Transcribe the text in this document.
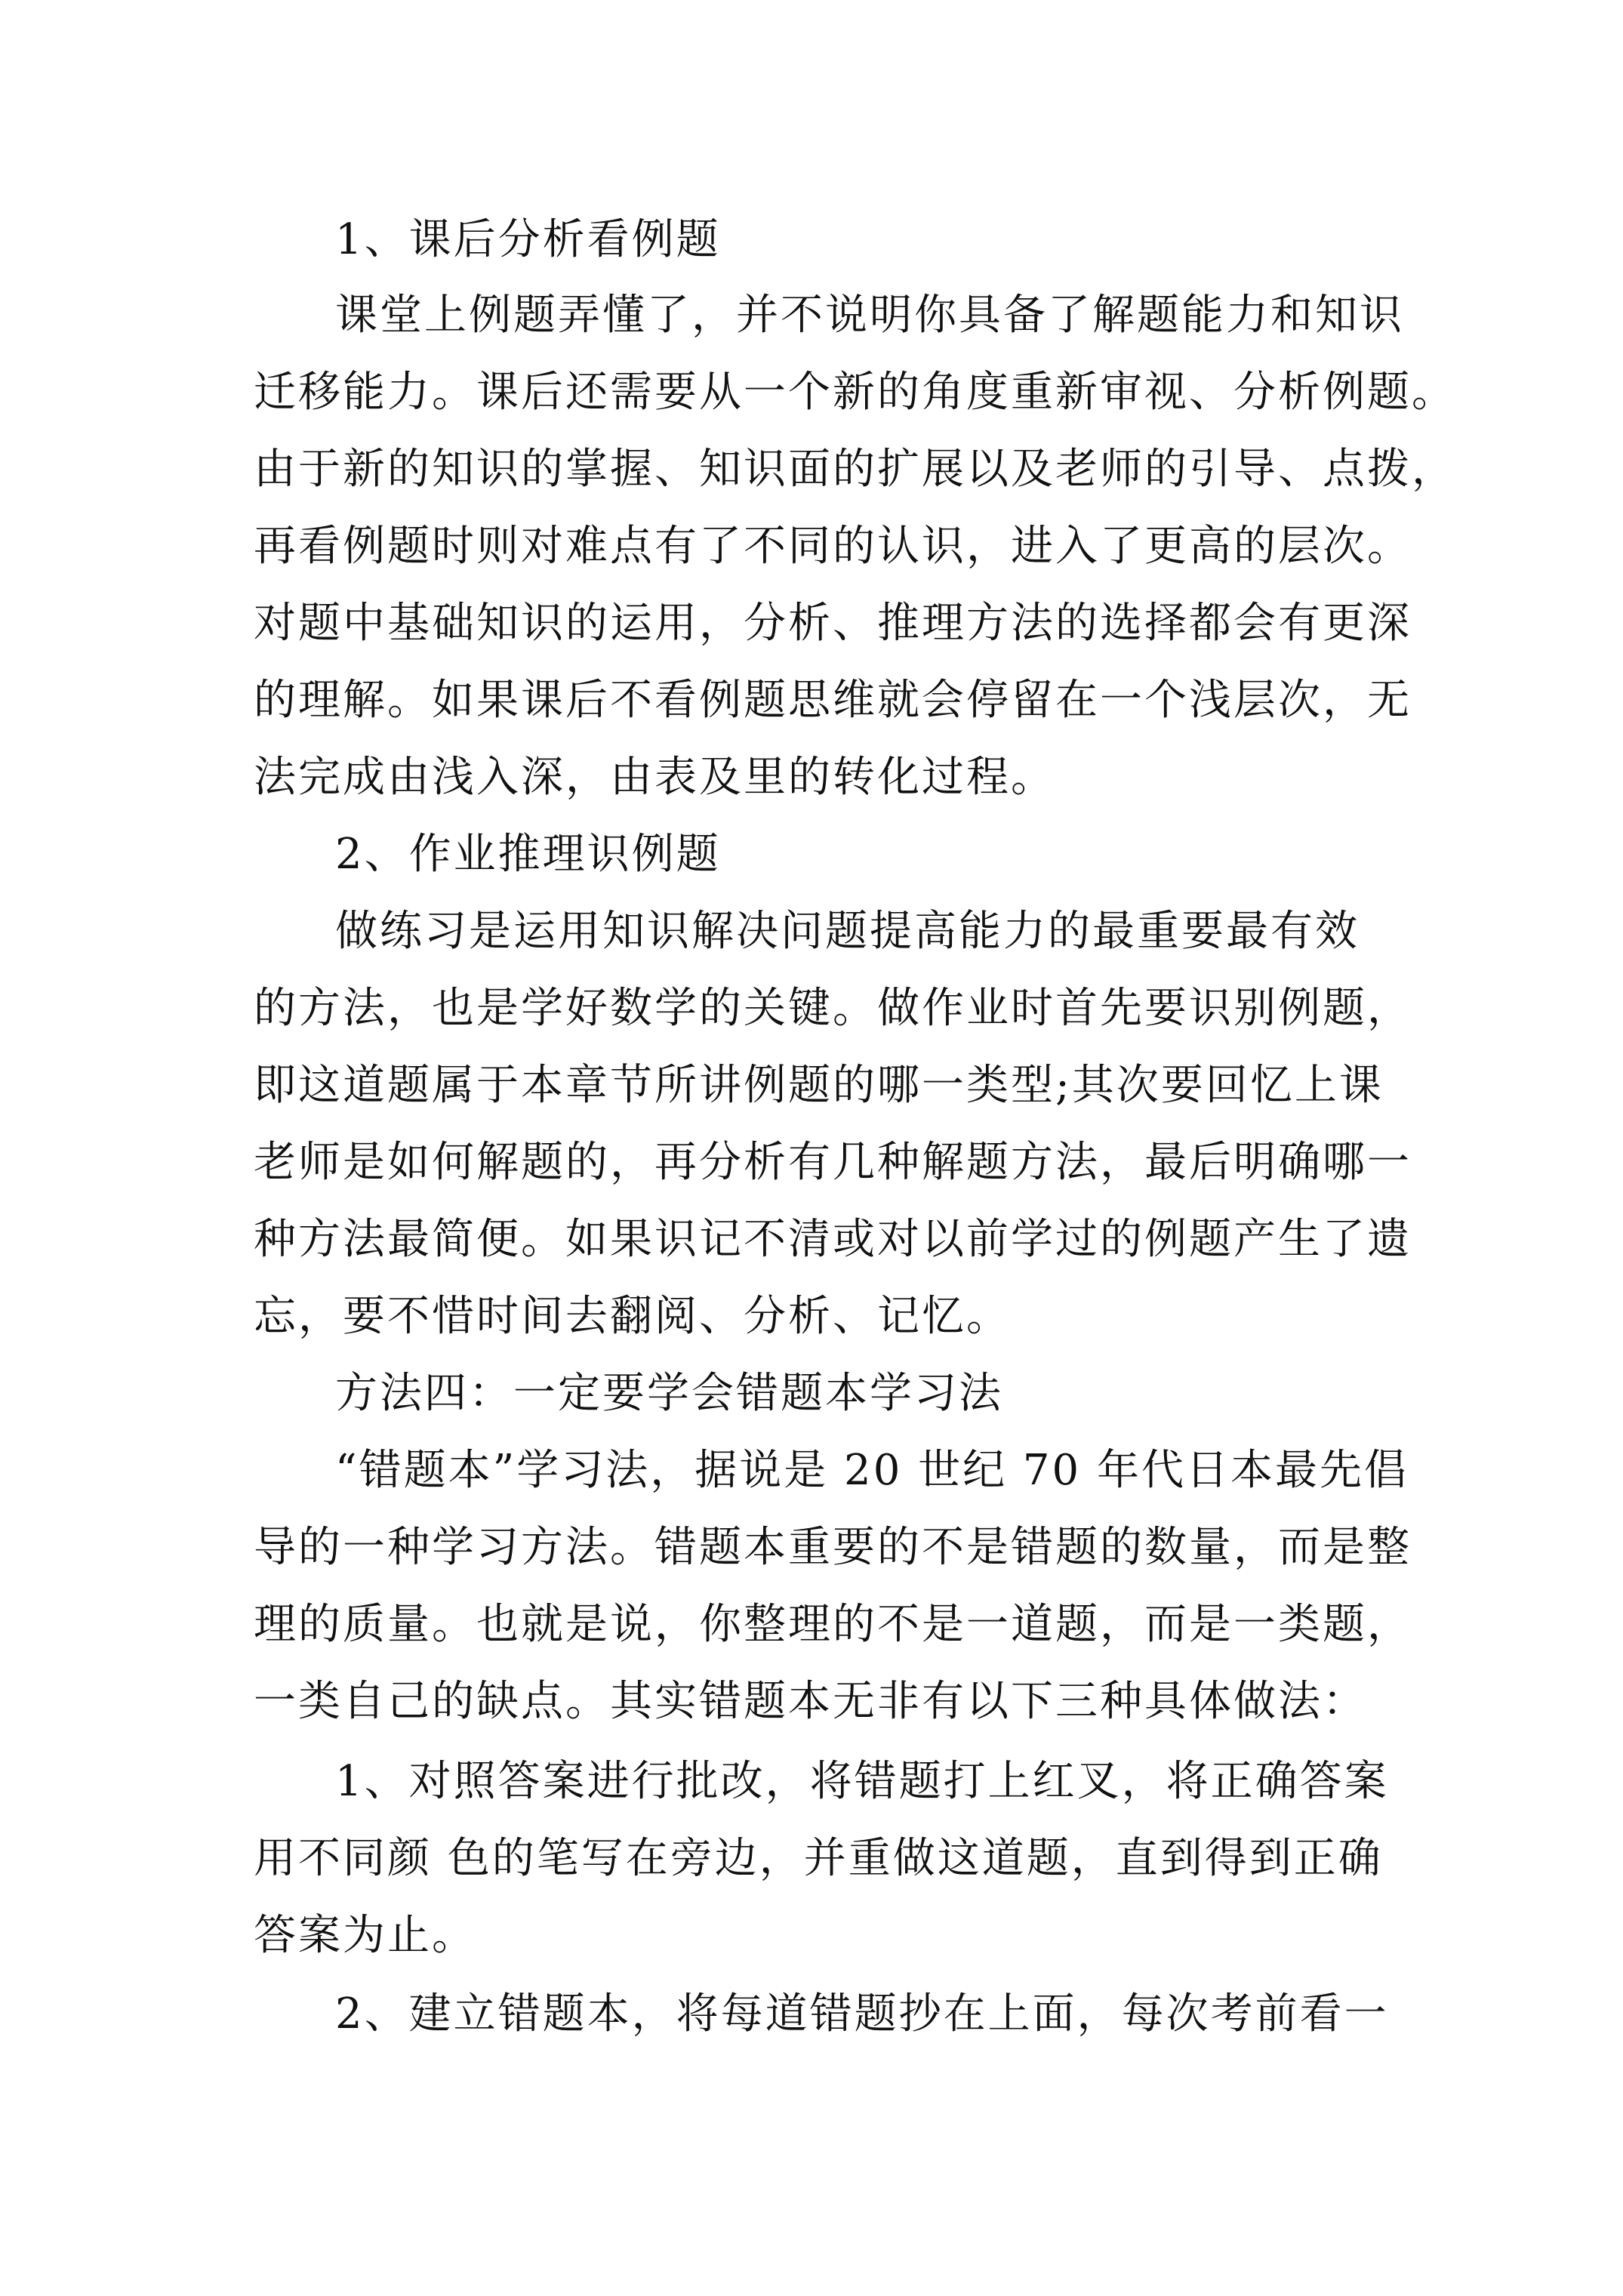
1、课后分析看例题
课堂上例题弄懂了，并不说明你具备了解题能力和知识
迁移能力。课后还需要从一个新的角度重新审视、分析例题。
由于新的知识的掌握、知识面的扩展以及老师的引导、点拨，
再看例题时则对难点有了不同的认识，进入了更高的层次。
对题中基础知识的运用，分析、推理方法的选择都会有更深
的理解。如果课后不看例题思维就会停留在一个浅层次，无
法完成由浅入深，由表及里的转化过程。
2、作业推理识例题
做练习是运用知识解决问题提高能力的最重要最有效
的方法，也是学好数学的关键。做作业时首先要识别例题，
即这道题属于本章节所讲例题的哪一类型;其次要回忆上课
老师是如何解题的，再分析有几种解题方法，最后明确哪一
种方法最简便。如果识记不清或对以前学过的例题产生了遗
忘，要不惜时间去翻阅、分析、记忆。
方法四：一定要学会错题本学习法
“错题本”学习法，据说是 20 世纪 70 年代日本最先倡
导的一种学习方法。错题本重要的不是错题的数量，而是整
理的质量。也就是说，你整理的不是一道题，而是一类题，
一类自己的缺点。其实错题本无非有以下三种具体做法：
1、对照答案进行批改，将错题打上红叉，将正确答案
用不同颜 色的笔写在旁边，并重做这道题，直到得到正确
答案为止。
2、建立错题本，将每道错题抄在上面，每次考前看一
